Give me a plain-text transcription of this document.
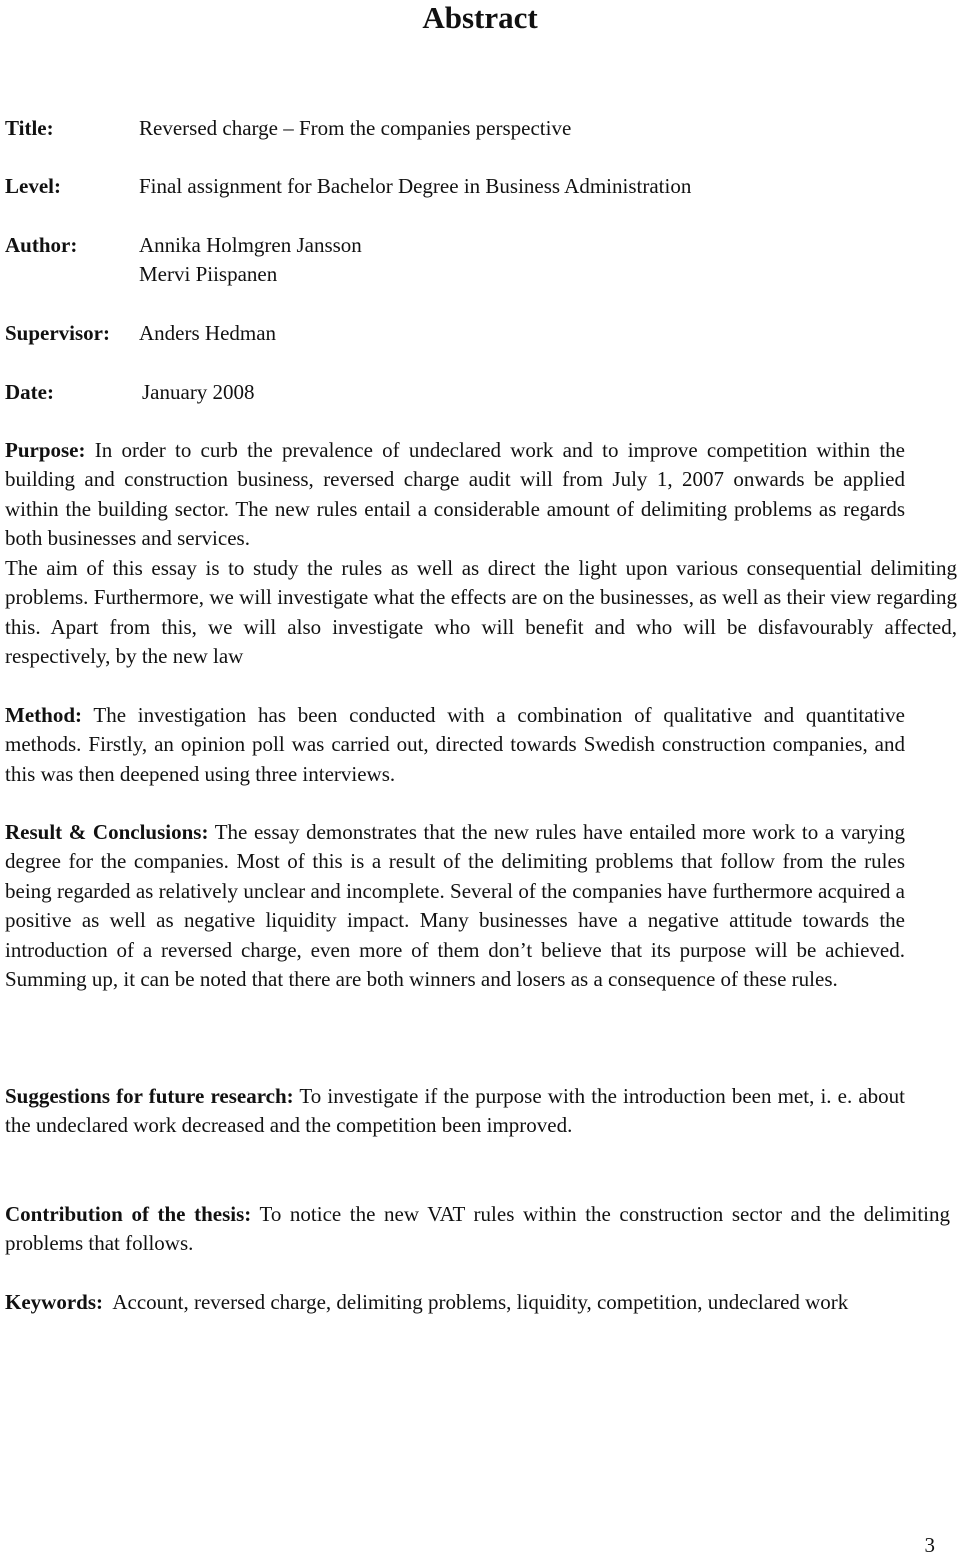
Abstract
Title:	Reversed charge – From the companies perspective
Level:	Final assignment for Bachelor Degree in Business Administration
Author:	Annika Holmgren Jansson
Mervi Piispanen
Supervisor: Anders Hedman
Date:	January 2008
Purpose: In order to curb the prevalence of undeclared work and to improve competition within the building and construction business, reversed charge audit will from July 1, 2007 onwards be applied within the building sector. The new rules entail a considerable amount of delimiting problems as regards both businesses and services.
The aim of this essay is to study the rules as well as direct the light upon various consequential delimiting problems. Furthermore, we will investigate what the effects are on the businesses, as well as their view regarding this. Apart from this, we will also investigate who will benefit and who will be disfavourably affected, respectively, by the new law
Method: The investigation has been conducted with a combination of qualitative and quantitative methods. Firstly, an opinion poll was carried out, directed towards Swedish construction companies, and this was then deepened using three interviews.
Result & Conclusions: The essay demonstrates that the new rules have entailed more work to a varying degree for the companies. Most of this is a result of the delimiting problems that follow from the rules being regarded as relatively unclear and incomplete. Several of the companies have furthermore acquired a positive as well as negative liquidity impact. Many businesses have a negative attitude towards the introduction of a reversed charge, even more of them don’t believe that its purpose will be achieved. Summing up, it can be noted that there are both winners and losers as a consequence of these rules.
Suggestions for future research: To investigate if the purpose with the introduction been met, i. e. about the undeclared work decreased and the competition been improved.
Contribution of the thesis: To notice the new VAT rules within the construction sector and the delimiting problems that follows.
Keywords:  Account, reversed charge, delimiting problems, liquidity, competition, undeclared work
3
